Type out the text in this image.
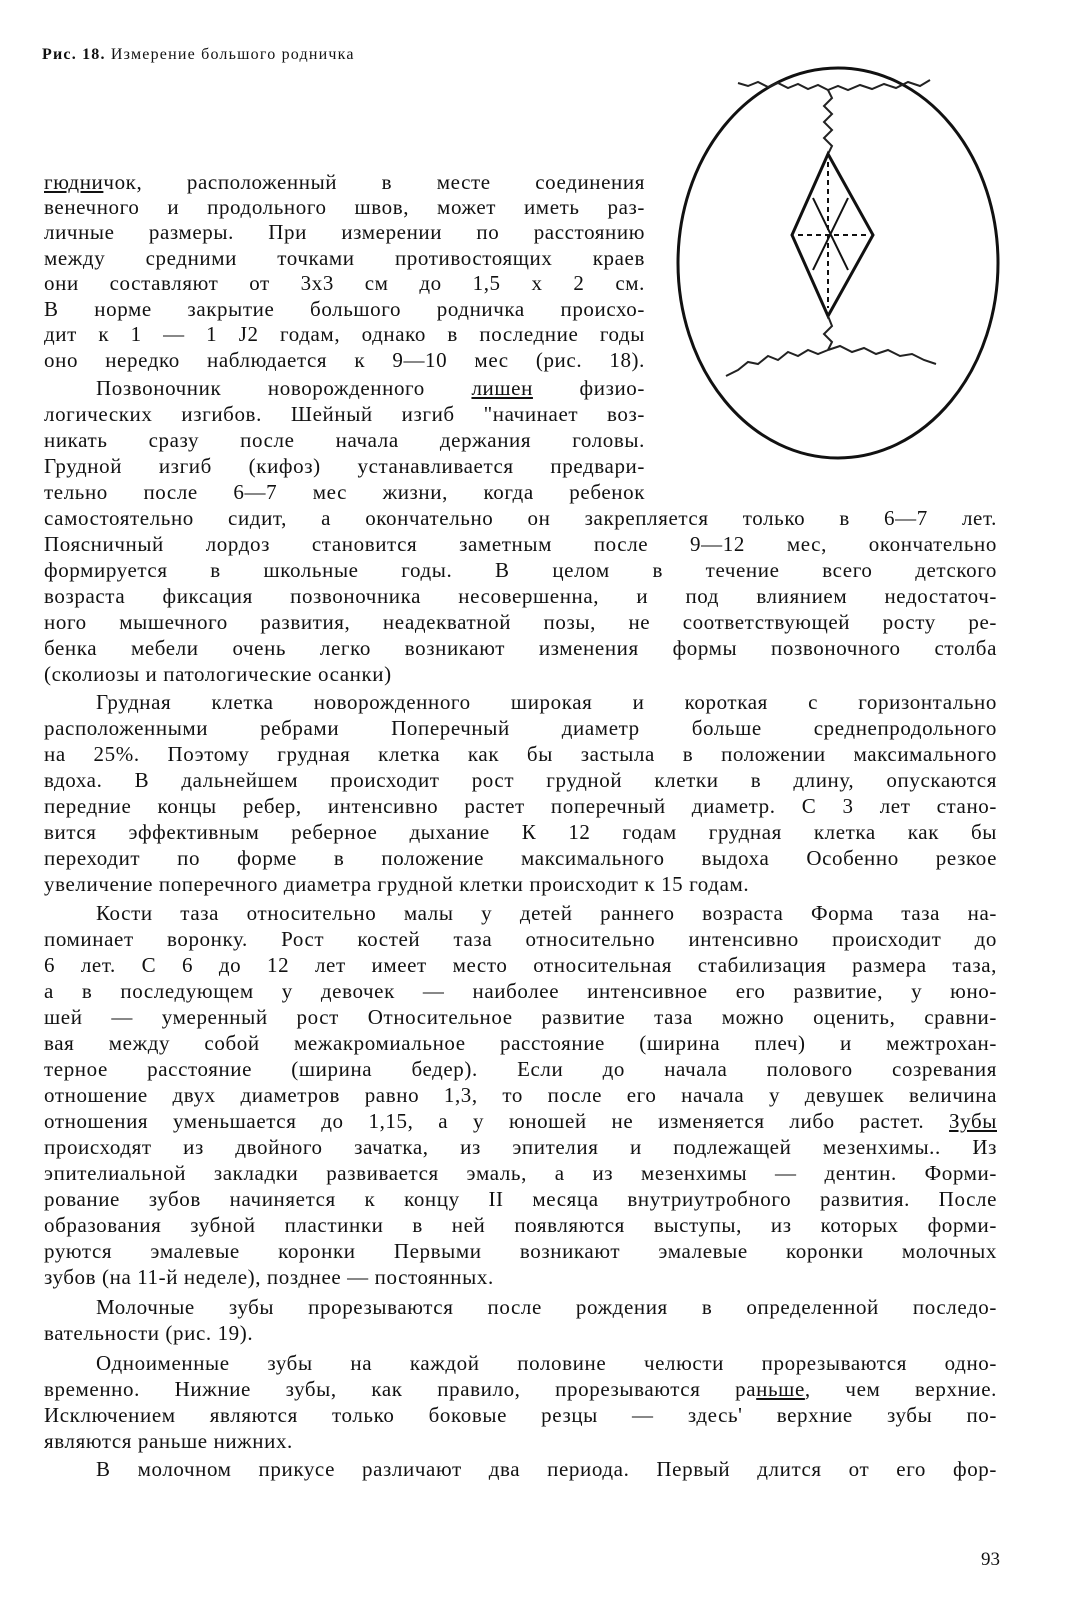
Рис. 18. Измерение большого родничка
гюдничок, расположенный в месте соединения
венечного и продольного швов, может иметь раз-
личные размеры. При измерении по расстоянию
между средними точками противостоящих краев
они составляют от 3x3 см до 1,5 x 2 см.
В норме закрытие большого родничка происхо-
дит к 1 — 1 J2 годам, однако в последние годы
оно нередко наблюдается к 9—10 мес (рис. 18).
Позвоночник новорожденного лишен физио-
логических изгибов. Шейный изгиб "начинает воз-
никать сразу после начала держания головы.
Грудной изгиб (кифоз) устанавливается предвари-
тельно после 6—7 мес жизни, когда ребенок
самостоятельно сидит, а окончательно он закрепляется только в 6—7 лет.
Поясничный лордоз становится заметным после 9—12 мес, окончательно
формируется в школьные годы. В целом в течение всего детского
возраста фиксация позвоночника несовершенна, и под влиянием недостаточ-
ного мышечного развития, неадекватной позы, не соответствующей росту ре-
бенка мебели очень легко возникают изменения формы позвоночного столба
(сколиозы и патологические осанки)
Грудная клетка новорожденного широкая и короткая с горизонтально
расположенными ребрами Поперечный диаметр больше среднепродольного
на 25%. Поэтому грудная клетка как бы застыла в положении максимального
вдоха. В дальнейшем происходит рост грудной клетки в длину, опускаются
передние концы ребер, интенсивно растет поперечный диаметр. С 3 лет стано-
вится эффективным реберное дыхание К 12 годам грудная клетка как бы
переходит по форме в положение максимального выдоха Особенно резкое
увеличение поперечного диаметра грудной клетки происходит к 15 годам.
Кости таза относительно малы у детей раннего возраста Форма таза на-
поминает воронку. Рост костей таза относительно интенсивно происходит до
6 лет. С 6 до 12 лет имеет место относительная стабилизация размера таза,
а в последующем у девочек — наиболее интенсивное его развитие, у юно-
шей — умеренный рост Относительное развитие таза можно оценить, сравни-
вая между собой межакромиальное расстояние (ширина плеч) и межтрохан-
терное расстояние (ширина бедер). Если до начала полового созревания
отношение двух диаметров равно 1,3, то после его начала у девушек величина
отношения уменьшается до 1,15, а у юношей не изменяется либо растет. Зубы
происходят из двойного зачатка, из эпителия и подлежащей мезенхимы.. Из
эпителиальной закладки развивается эмаль, а из мезенхимы — дентин. Форми-
рование зубов начиняется к концу II месяца внутриутробного развития. После
образования зубной пластинки в ней появляются выступы, из которых форми-
руются эмалевые коронки Первыми возникают эмалевые коронки молочных
зубов (на 11-й неделе), позднее — постоянных.
Молочные зубы прорезываются после рождения в определенной последо-
вательности (рис. 19).
Одноименные зубы на каждой половине челюсти прорезываются одно-
временно. Нижние зубы, как правило, прорезываются раньше, чем верхние.
Исключением являются только боковые резцы — здесь' верхние зубы по-
являются раньше нижних.
В молочном прикусе различают два периода. Первый длится от его фор-
93
